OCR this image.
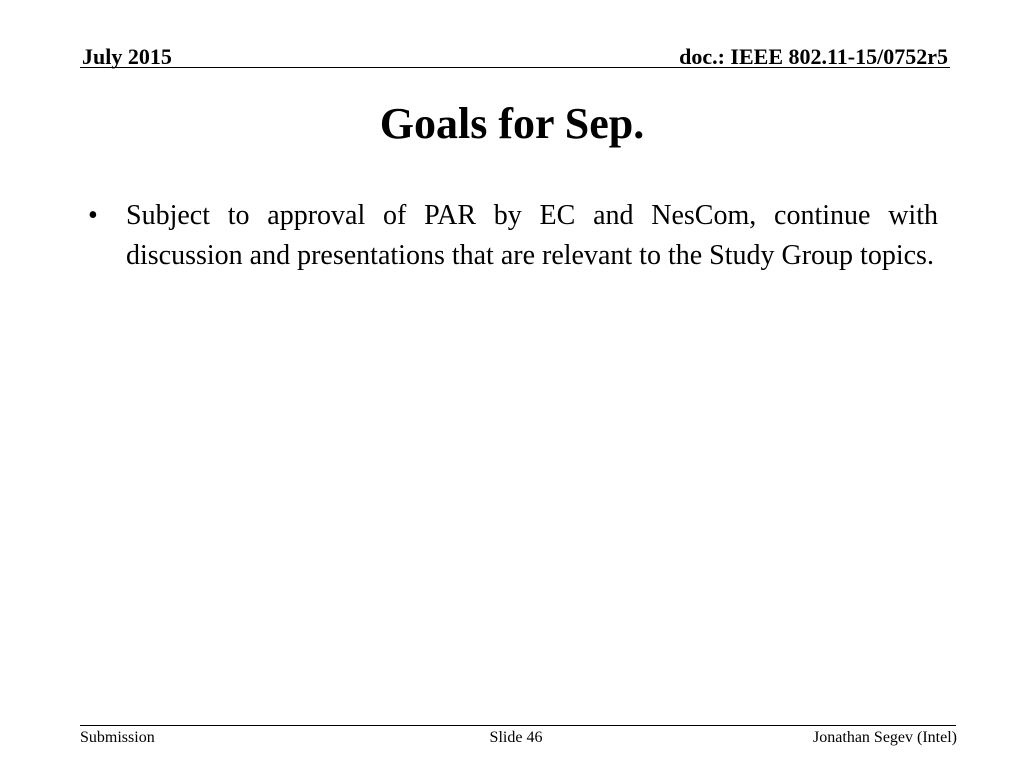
July 2015	doc.: IEEE 802.11-15/0752r5
Goals for Sep.
•	Subject to approval of PAR by EC and NesCom, continue with discussion and presentations that are relevant to the Study Group topics.
Submission	Slide 46	Jonathan Segev (Intel)
